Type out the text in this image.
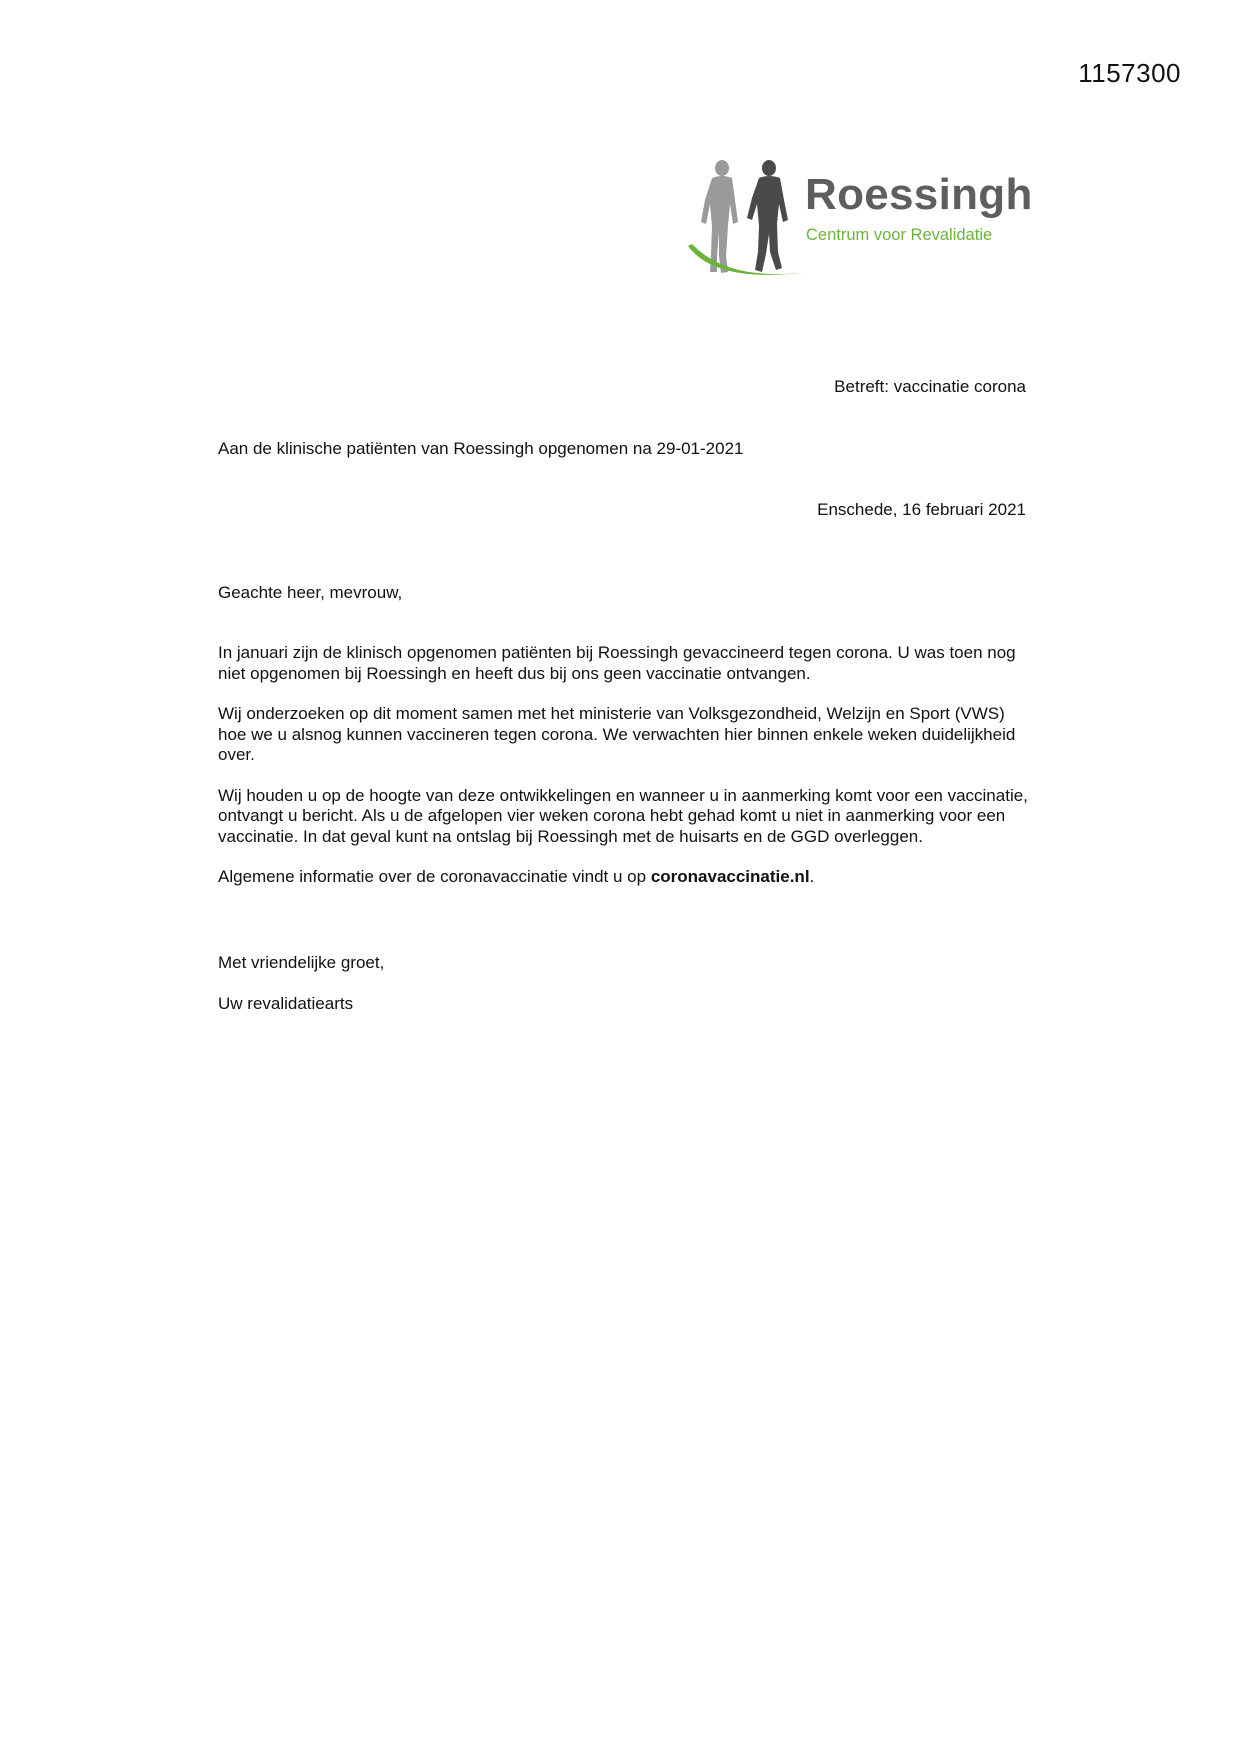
1157300
Roessingh
Centrum voor Revalidatie
Betreft: vaccinatie corona
Aan de klinische patiënten van Roessingh opgenomen na 29-01-2021
Enschede, 16 februari 2021
Geachte heer, mevrouw,

In januari zijn de klinisch opgenomen patiënten bij Roessingh gevaccineerd tegen corona. U was toen nog niet opgenomen bij Roessingh en heeft dus bij ons geen vaccinatie ontvangen.

Wij onderzoeken op dit moment samen met het ministerie van Volksgezondheid, Welzijn en Sport (VWS) hoe we u alsnog kunnen vaccineren tegen corona. We verwachten hier binnen enkele weken duidelijkheid over.

Wij houden u op de hoogte van deze ontwikkelingen en wanneer u in aanmerking komt voor een vaccinatie, ontvangt u bericht. Als u de afgelopen vier weken corona hebt gehad komt u niet in aanmerking voor een vaccinatie. In dat geval kunt na ontslag bij Roessingh met de huisarts en de GGD overleggen.

Algemene informatie over de coronavaccinatie vindt u op coronavaccinatie.nl.

Met vriendelijke groet,
Uw revalidatiearts
